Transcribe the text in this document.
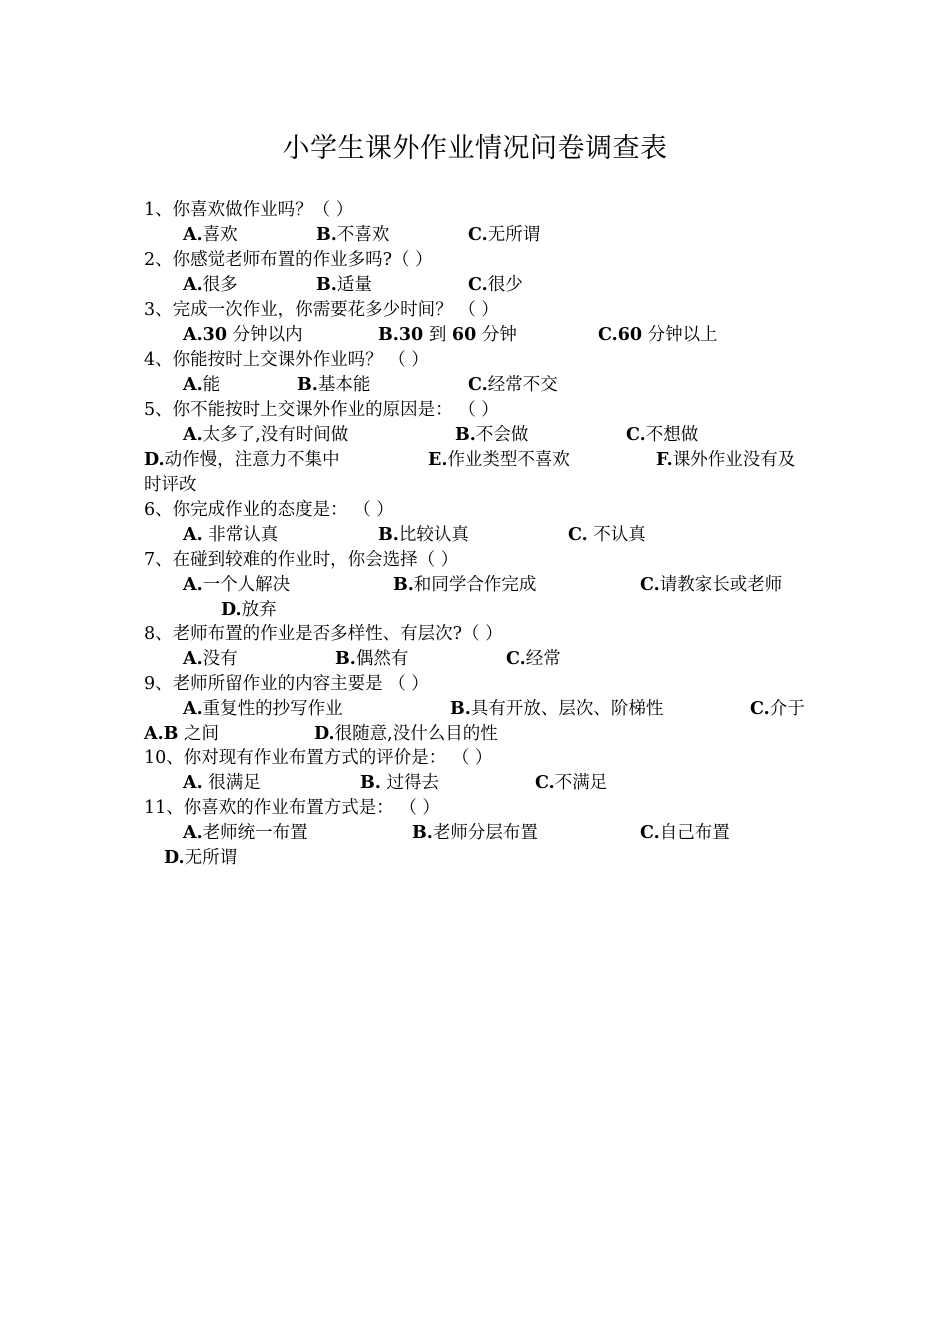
小学生课外作业情况问卷调查表

1、你喜欢做作业吗？（ ）

A.喜欢	B.不喜欢	C.无所谓

2、你感觉老师布置的作业多吗?（ ）

A.很多	B.适量	C.很少

3、完成一次作业，你需要花多少时间？ （ ）

A.30 分钟以内	B.30 到 60 分钟	C.60 分钟以上

4、你能按时上交课外作业吗？ （ ）

A.能	B.基本能	C.经常不交

5、你不能按时上交课外作业的原因是： （ ）

A.太多了,没有时间做	B.不会做	C.不想做

D.动作慢，注意力不集中	E.作业类型不喜欢	F.课外作业没有及

时评改

6、你完成作业的态度是： （ ）

A. 非常认真	B.比较认真	C. 不认真

7、在碰到较难的作业时，你会选择（ ）

A.一个人解决	B.和同学合作完成	C.请教家长或老师

D.放弃

8、老师布置的作业是否多样性、有层次?（ ）

A.没有	B.偶然有	C.经常

9、老师所留作业的内容主要是 （ ）

A.重复性的抄写作业	B.具有开放、层次、阶梯性	C.介于

A.B 之间	D.很随意,没什么目的性

10、你对现有作业布置方式的评价是： （ ）

A. 很满足	B. 过得去	C.不满足

11、你喜欢的作业布置方式是： （ ）

A.老师统一布置	B.老师分层布置	C.自己布置

D.无所谓
